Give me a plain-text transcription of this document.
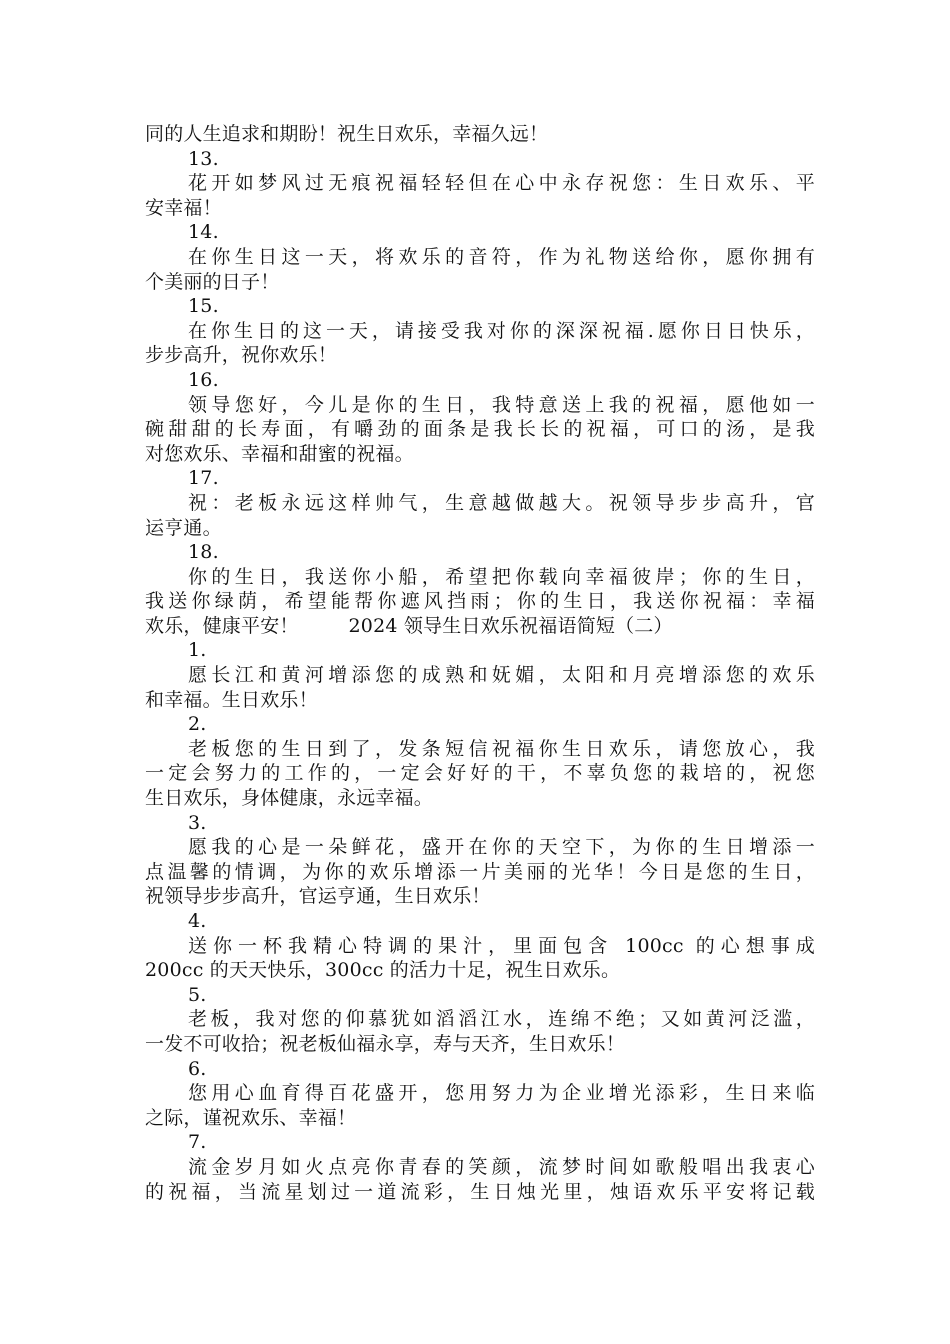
同的人生追求和期盼！祝生日欢乐，幸福久远！
13.
花开如梦风过无痕祝福轻轻但在心中永存祝您：生日欢乐、平
安幸福！
14.
在你生日这一天，将欢乐的音符，作为礼物送给你，愿你拥有
个美丽的日子！
15.
在你生日的这一天，请接受我对你的深深祝福.愿你日日快乐，
步步高升，祝你欢乐！
16.
领导您好，今儿是你的生日，我特意送上我的祝福，愿他如一
碗甜甜的长寿面，有嚼劲的面条是我长长的祝福，可口的汤，是我
对您欢乐、幸福和甜蜜的祝福。
17.
祝：老板永远这样帅气，生意越做越大。祝领导步步高升，官
运亨通。
18.
你的生日，我送你小船，希望把你载向幸福彼岸；你的生日，
我送你绿荫，希望能帮你遮风挡雨；你的生日，我送你祝福：幸福
欢乐，健康平安！        2024 领导生日欢乐祝福语简短（二）
1.
愿长江和黄河增添您的成熟和妩媚，太阳和月亮增添您的欢乐
和幸福。生日欢乐！
2.
老板您的生日到了，发条短信祝福你生日欢乐，请您放心，我
一定会努力的工作的，一定会好好的干，不辜负您的栽培的，祝您
生日欢乐，身体健康，永远幸福。
3.
愿我的心是一朵鲜花，盛开在你的天空下，为你的生日增添一
点温馨的情调，为你的欢乐增添一片美丽的光华！今日是您的生日，
祝领导步步高升，官运亨通，生日欢乐！
4.
送你一杯我精心特调的果汁，里面包含 100cc 的心想事成
200cc 的天天快乐，300cc 的活力十足，祝生日欢乐。
5.
老板，我对您的仰慕犹如滔滔江水，连绵不绝；又如黄河泛滥，
一发不可收拾；祝老板仙福永享，寿与天齐，生日欢乐！
6.
您用心血育得百花盛开，您用努力为企业增光添彩，生日来临
之际，谨祝欢乐、幸福！
7.
流金岁月如火点亮你青春的笑颜，流梦时间如歌般唱出我衷心
的祝福，当流星划过一道流彩，生日烛光里，烛语欢乐平安将记载
